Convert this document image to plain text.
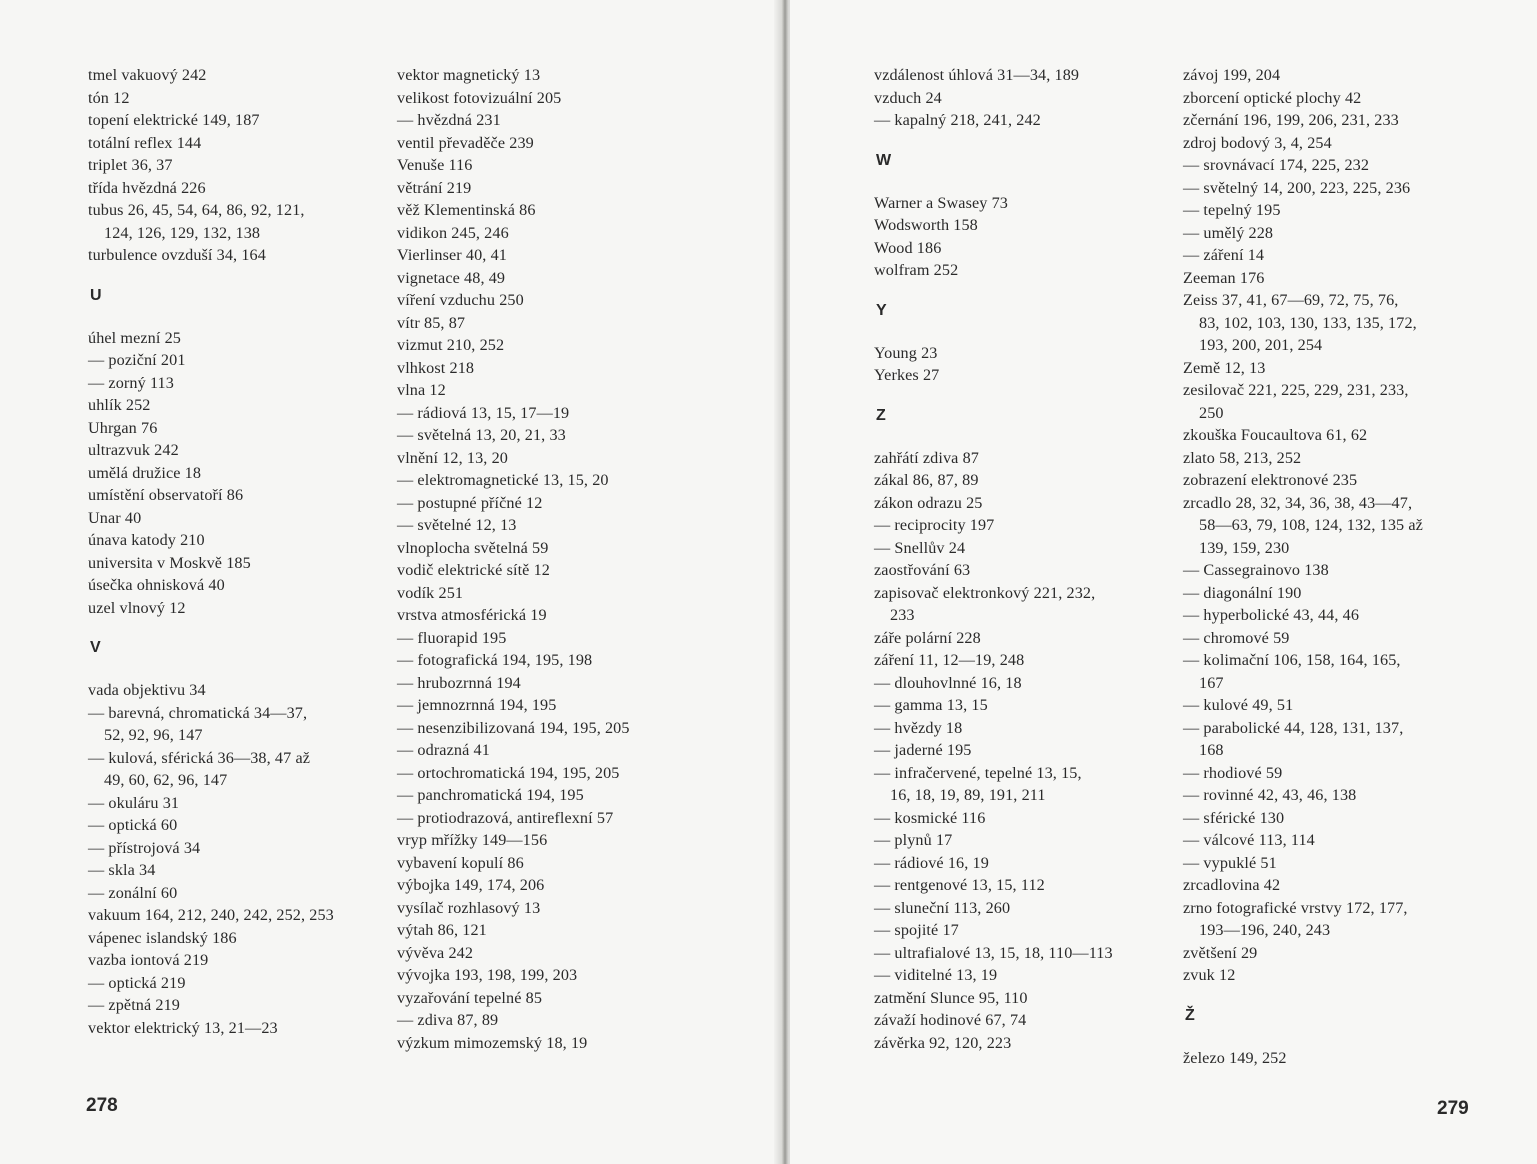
tmel vakuový 242
tón 12
topení elektrické 149, 187
totální reflex 144
triplet 36, 37
třída hvězdná 226
tubus 26, 45, 54, 64, 86, 92, 121,
124, 126, 129, 132, 138
turbulence ovzduší 34, 164
U
úhel mezní 25
— poziční 201
— zorný 113
uhlík 252
Uhrgan 76
ultrazvuk 242
umělá družice 18
umístění observatoří 86
Unar 40
únava katody 210
universita v Moskvě 185
úsečka ohnisková 40
uzel vlnový 12
V
vada objektivu 34
— barevná, chromatická 34—37,
52, 92, 96, 147
— kulová, sférická 36—38, 47 až
49, 60, 62, 96, 147
— okuláru 31
— optická 60
— přístrojová 34
— skla 34
— zonální 60
vakuum 164, 212, 240, 242, 252, 253
vápenec islandský 186
vazba iontová 219
— optická 219
— zpětná 219
vektor elektrický 13, 21—23
vektor magnetický 13
velikost fotovizuální 205
— hvězdná 231
ventil převaděče 239
Venuše 116
větrání 219
věž Klementinská 86
vidikon 245, 246
Vierlinser 40, 41
vignetace 48, 49
víření vzduchu 250
vítr 85, 87
vizmut 210, 252
vlhkost 218
vlna 12
— rádiová 13, 15, 17—19
— světelná 13, 20, 21, 33
vlnění 12, 13, 20
— elektromagnetické 13, 15, 20
— postupné příčné 12
— světelné 12, 13
vlnoplocha světelná 59
vodič elektrické sítě 12
vodík 251
vrstva atmosférická 19
— fluorapid 195
— fotografická 194, 195, 198
— hrubozrnná 194
— jemnozrnná 194, 195
— nesenzibilizovaná 194, 195, 205
— odrazná 41
— ortochromatická 194, 195, 205
— panchromatická 194, 195
— protiodrazová, antireflexní 57
vryp mřížky 149—156
vybavení kopulí 86
výbojka 149, 174, 206
vysílač rozhlasový 13
výtah 86, 121
vývěva 242
vývojka 193, 198, 199, 203
vyzařování tepelné 85
— zdiva 87, 89
výzkum mimozemský 18, 19
278
vzdálenost úhlová 31—34, 189
vzduch 24
— kapalný 218, 241, 242
W
Warner a Swasey 73
Wodsworth 158
Wood 186
wolfram 252
Y
Young 23
Yerkes 27
Z
zahřátí zdiva 87
zákal 86, 87, 89
zákon odrazu 25
— reciprocity 197
— Snellův 24
zaostřování 63
zapisovač elektronkový 221, 232,
233
záře polární 228
záření 11, 12—19, 248
— dlouhovlnné 16, 18
— gamma 13, 15
— hvězdy 18
— jaderné 195
— infračervené, tepelné 13, 15,
16, 18, 19, 89, 191, 211
— kosmické 116
— plynů 17
— rádiové 16, 19
— rentgenové 13, 15, 112
— sluneční 113, 260
— spojité 17
— ultrafialové 13, 15, 18, 110—113
— viditelné 13, 19
zatmění Slunce 95, 110
závaží hodinové 67, 74
závěrka 92, 120, 223
závoj 199, 204
zborcení optické plochy 42
zčernání 196, 199, 206, 231, 233
zdroj bodový 3, 4, 254
— srovnávací 174, 225, 232
— světelný 14, 200, 223, 225, 236
— tepelný 195
— umělý 228
— záření 14
Zeeman 176
Zeiss 37, 41, 67—69, 72, 75, 76,
83, 102, 103, 130, 133, 135, 172,
193, 200, 201, 254
Země 12, 13
zesilovač 221, 225, 229, 231, 233,
250
zkouška Foucaultova 61, 62
zlato 58, 213, 252
zobrazení elektronové 235
zrcadlo 28, 32, 34, 36, 38, 43—47,
58—63, 79, 108, 124, 132, 135 až
139, 159, 230
— Cassegrainovo 138
— diagonální 190
— hyperbolické 43, 44, 46
— chromové 59
— kolimační 106, 158, 164, 165,
167
— kulové 49, 51
— parabolické 44, 128, 131, 137,
168
— rhodiové 59
— rovinné 42, 43, 46, 138
— sférické 130
— válcové 113, 114
— vypuklé 51
zrcadlovina 42
zrno fotografické vrstvy 172, 177,
193—196, 240, 243
zvětšení 29
zvuk 12
Ž
železo 149, 252
279
